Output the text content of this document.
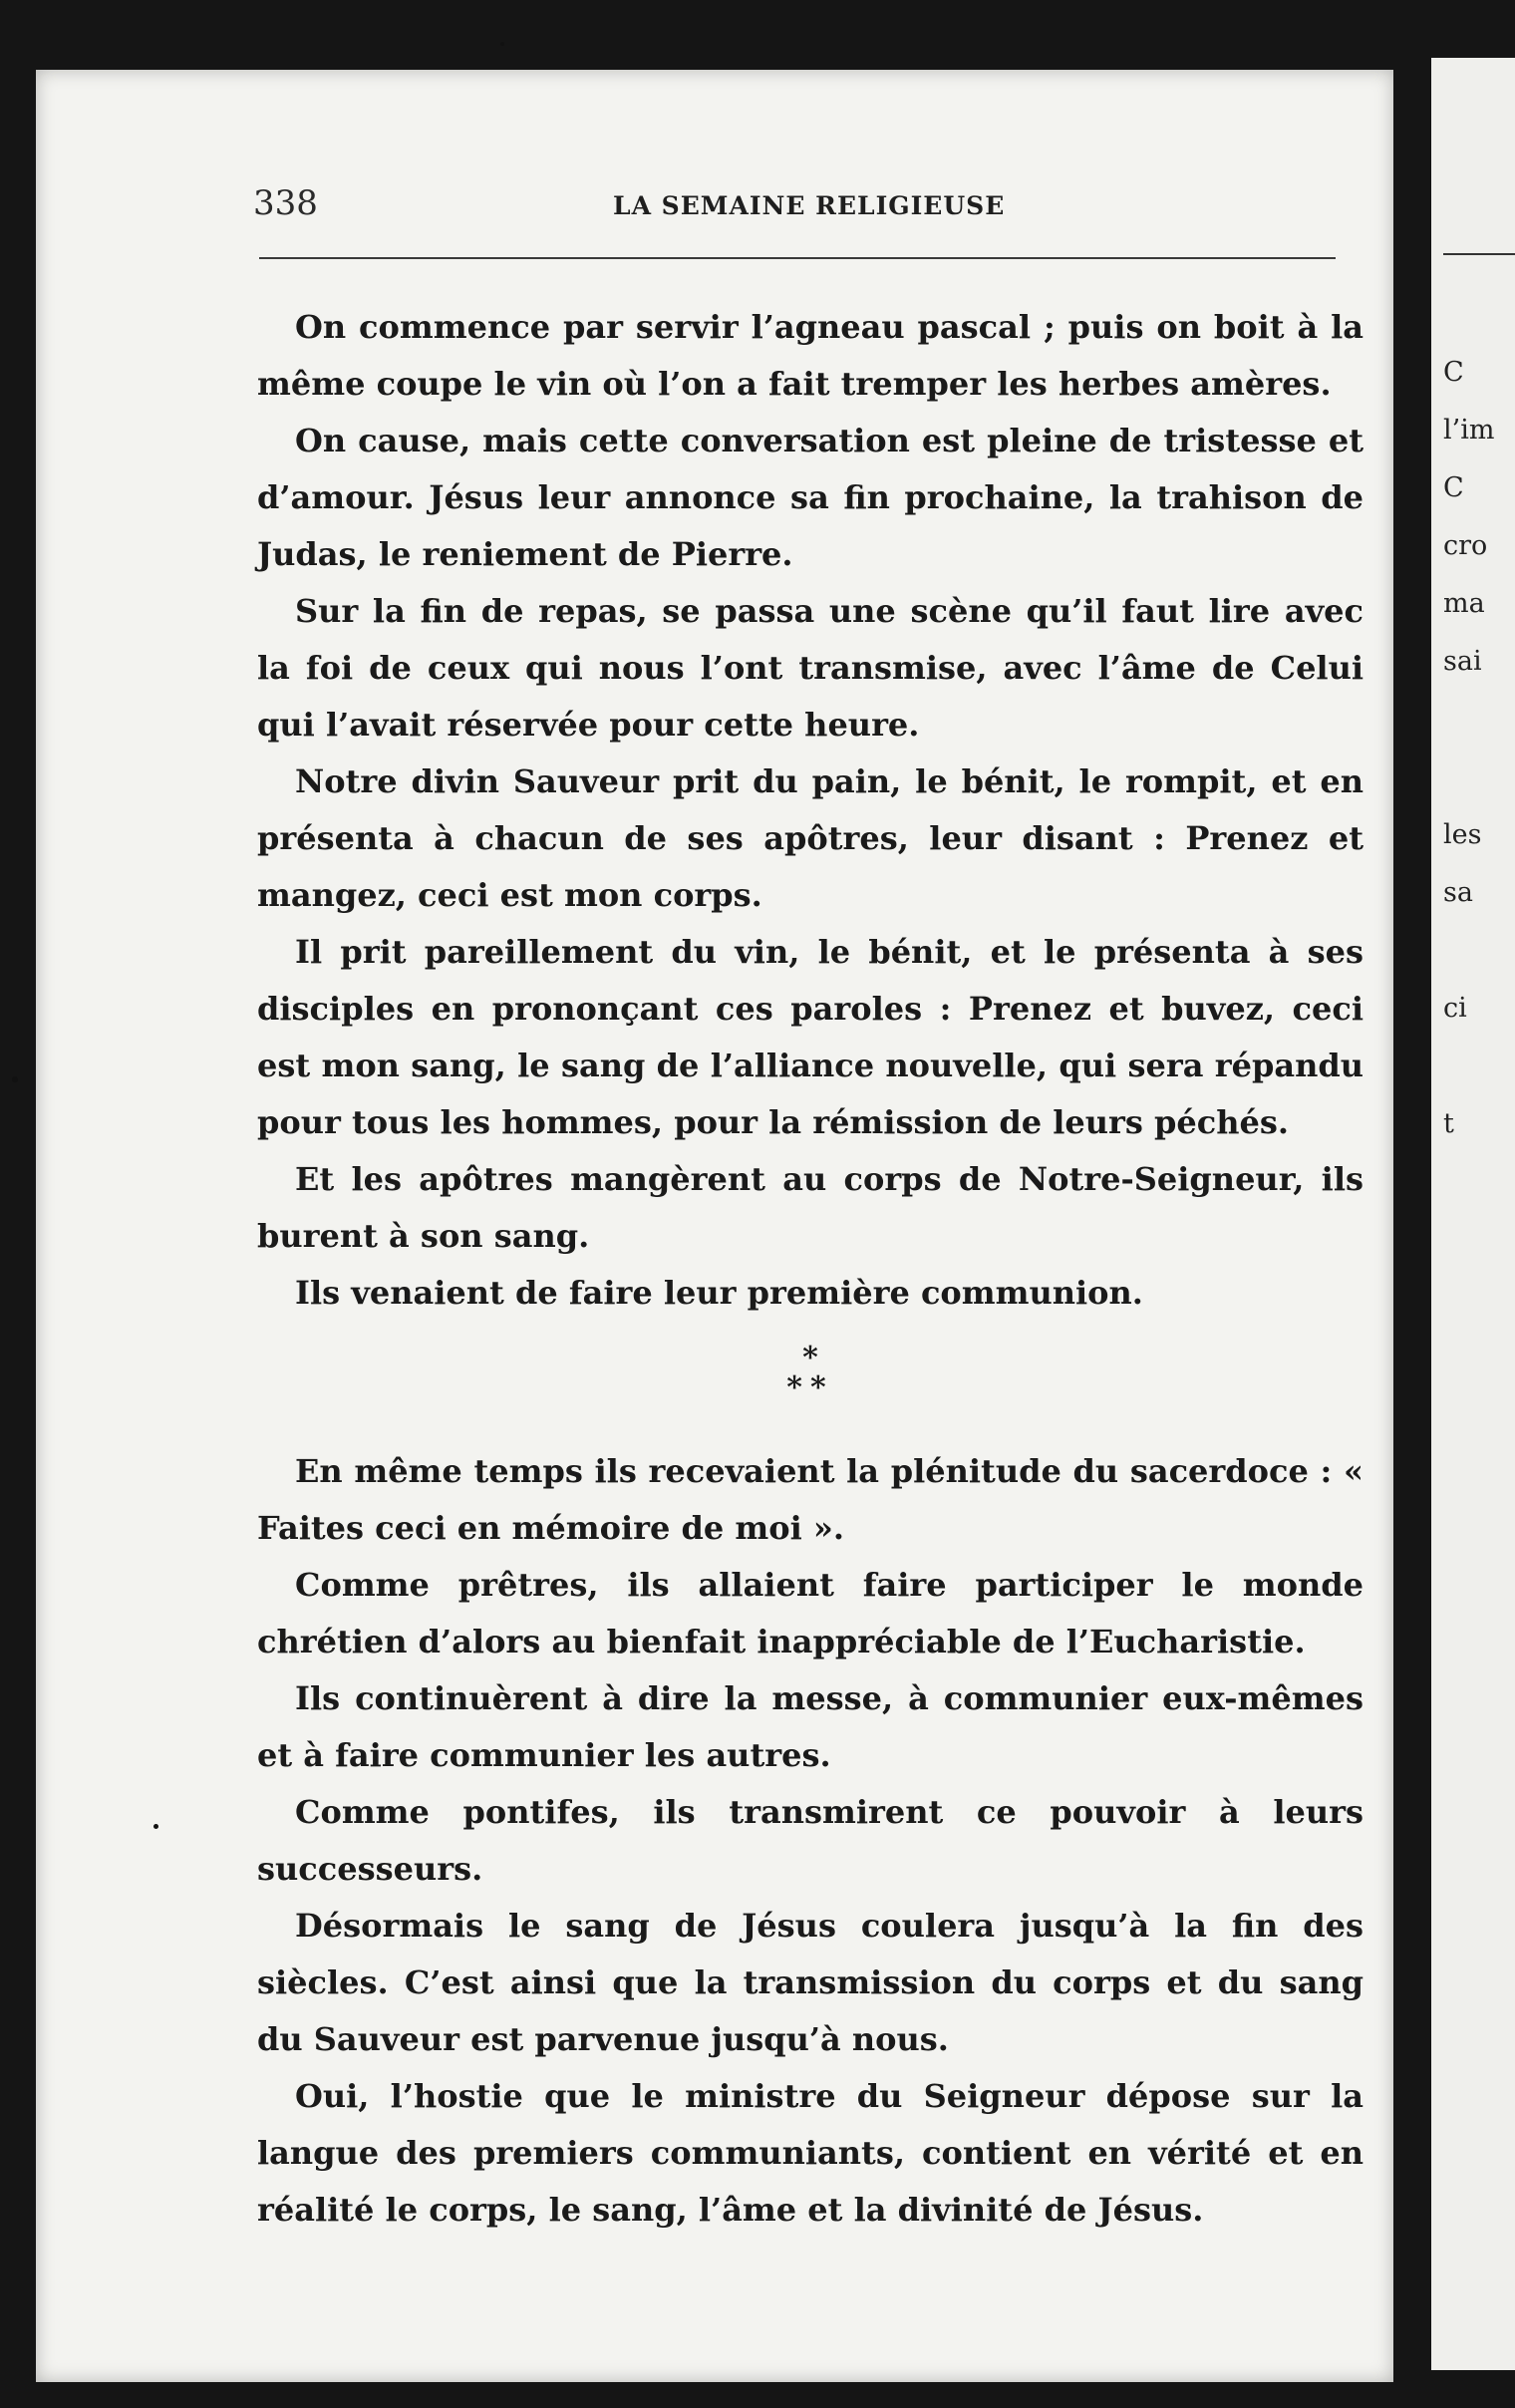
C
l’im
C
cro
ma
sai
les
sa
ci
t
338	LA SEMAINE RELIGIEUSE

On commence par servir l’agneau pascal ; puis on boit à la même coupe le vin où l’on a fait tremper les herbes amères.

On cause, mais cette conversation est pleine de tristesse et d’amour. Jésus leur annonce sa fin prochaine, la trahison de Judas, le reniement de Pierre.

Sur la fin de repas, se passa une scène qu’il faut lire avec la foi de ceux qui nous l’ont transmise, avec l’âme de Celui qui l’avait réservée pour cette heure.

Notre divin Sauveur prit du pain, le bénit, le rompit, et en présenta à chacun de ses apôtres, leur disant : Prenez et mangez, ceci est mon corps.

Il prit pareillement du vin, le bénit, et le présenta à ses disciples en prononçant ces paroles : Prenez et buvez, ceci est mon sang, le sang de l’alliance nouvelle, qui sera répandu pour tous les hommes, pour la rémission de leurs péchés.

Et les apôtres mangèrent au corps de Notre-Seigneur, ils burent à son sang.

Ils venaient de faire leur première communion.

*
**

En même temps ils recevaient la plénitude du sacerdoce : « Faites ceci en mémoire de moi ».

Comme prêtres, ils allaient faire participer le monde chrétien d’alors au bienfait inappréciable de l’Eucharistie.

Ils continuèrent à dire la messe, à communier eux-mêmes et à faire communier les autres.

Comme pontifes, ils transmirent ce pouvoir à leurs successeurs.

Désormais le sang de Jésus coulera jusqu’à la fin des siècles. C’est ainsi que la transmission du corps et du sang du Sauveur est parvenue jusqu’à nous.

Oui, l’hostie que le ministre du Seigneur dépose sur la langue des premiers communiants, contient en vérité et en réalité le corps, le sang, l’âme et la divinité de Jésus.
